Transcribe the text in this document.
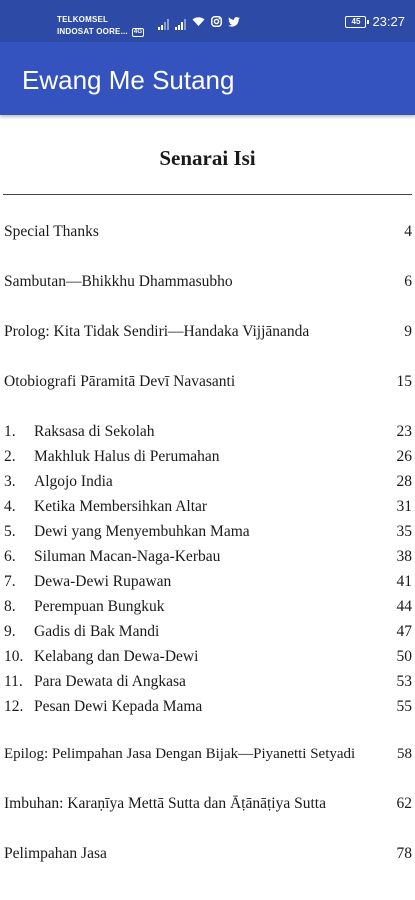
TELKOMSEL
INDOSAT OORE...	4G
45 23:27
Ewang Me Sutang
Senarai Isi
Special Thanks	4
Sambutan—Bhikkhu Dhammasubho	6
Prolog: Kita Tidak Sendiri—Handaka Vijjānanda	9
Otobiografi Pāramitā Devī Navasanti	15
1. Raksasa di Sekolah	23
2. Makhluk Halus di Perumahan	26
3. Algojo India	28
4. Ketika Membersihkan Altar	31
5. Dewi yang Menyembuhkan Mama	35
6. Siluman Macan-Naga-Kerbau	38
7. Dewa-Dewi Rupawan	41
8. Perempuan Bungkuk	44
9. Gadis di Bak Mandi	47
10. Kelabang dan Dewa-Dewi	50
11. Para Dewata di Angkasa	53
12. Pesan Dewi Kepada Mama	55
Epilog: Pelimpahan Jasa Dengan Bijak—Piyanetti Setyadi	58
Imbuhan: Karaṇīya Mettā Sutta dan Āṭānāṭiya Sutta	62
Pelimpahan Jasa	78
